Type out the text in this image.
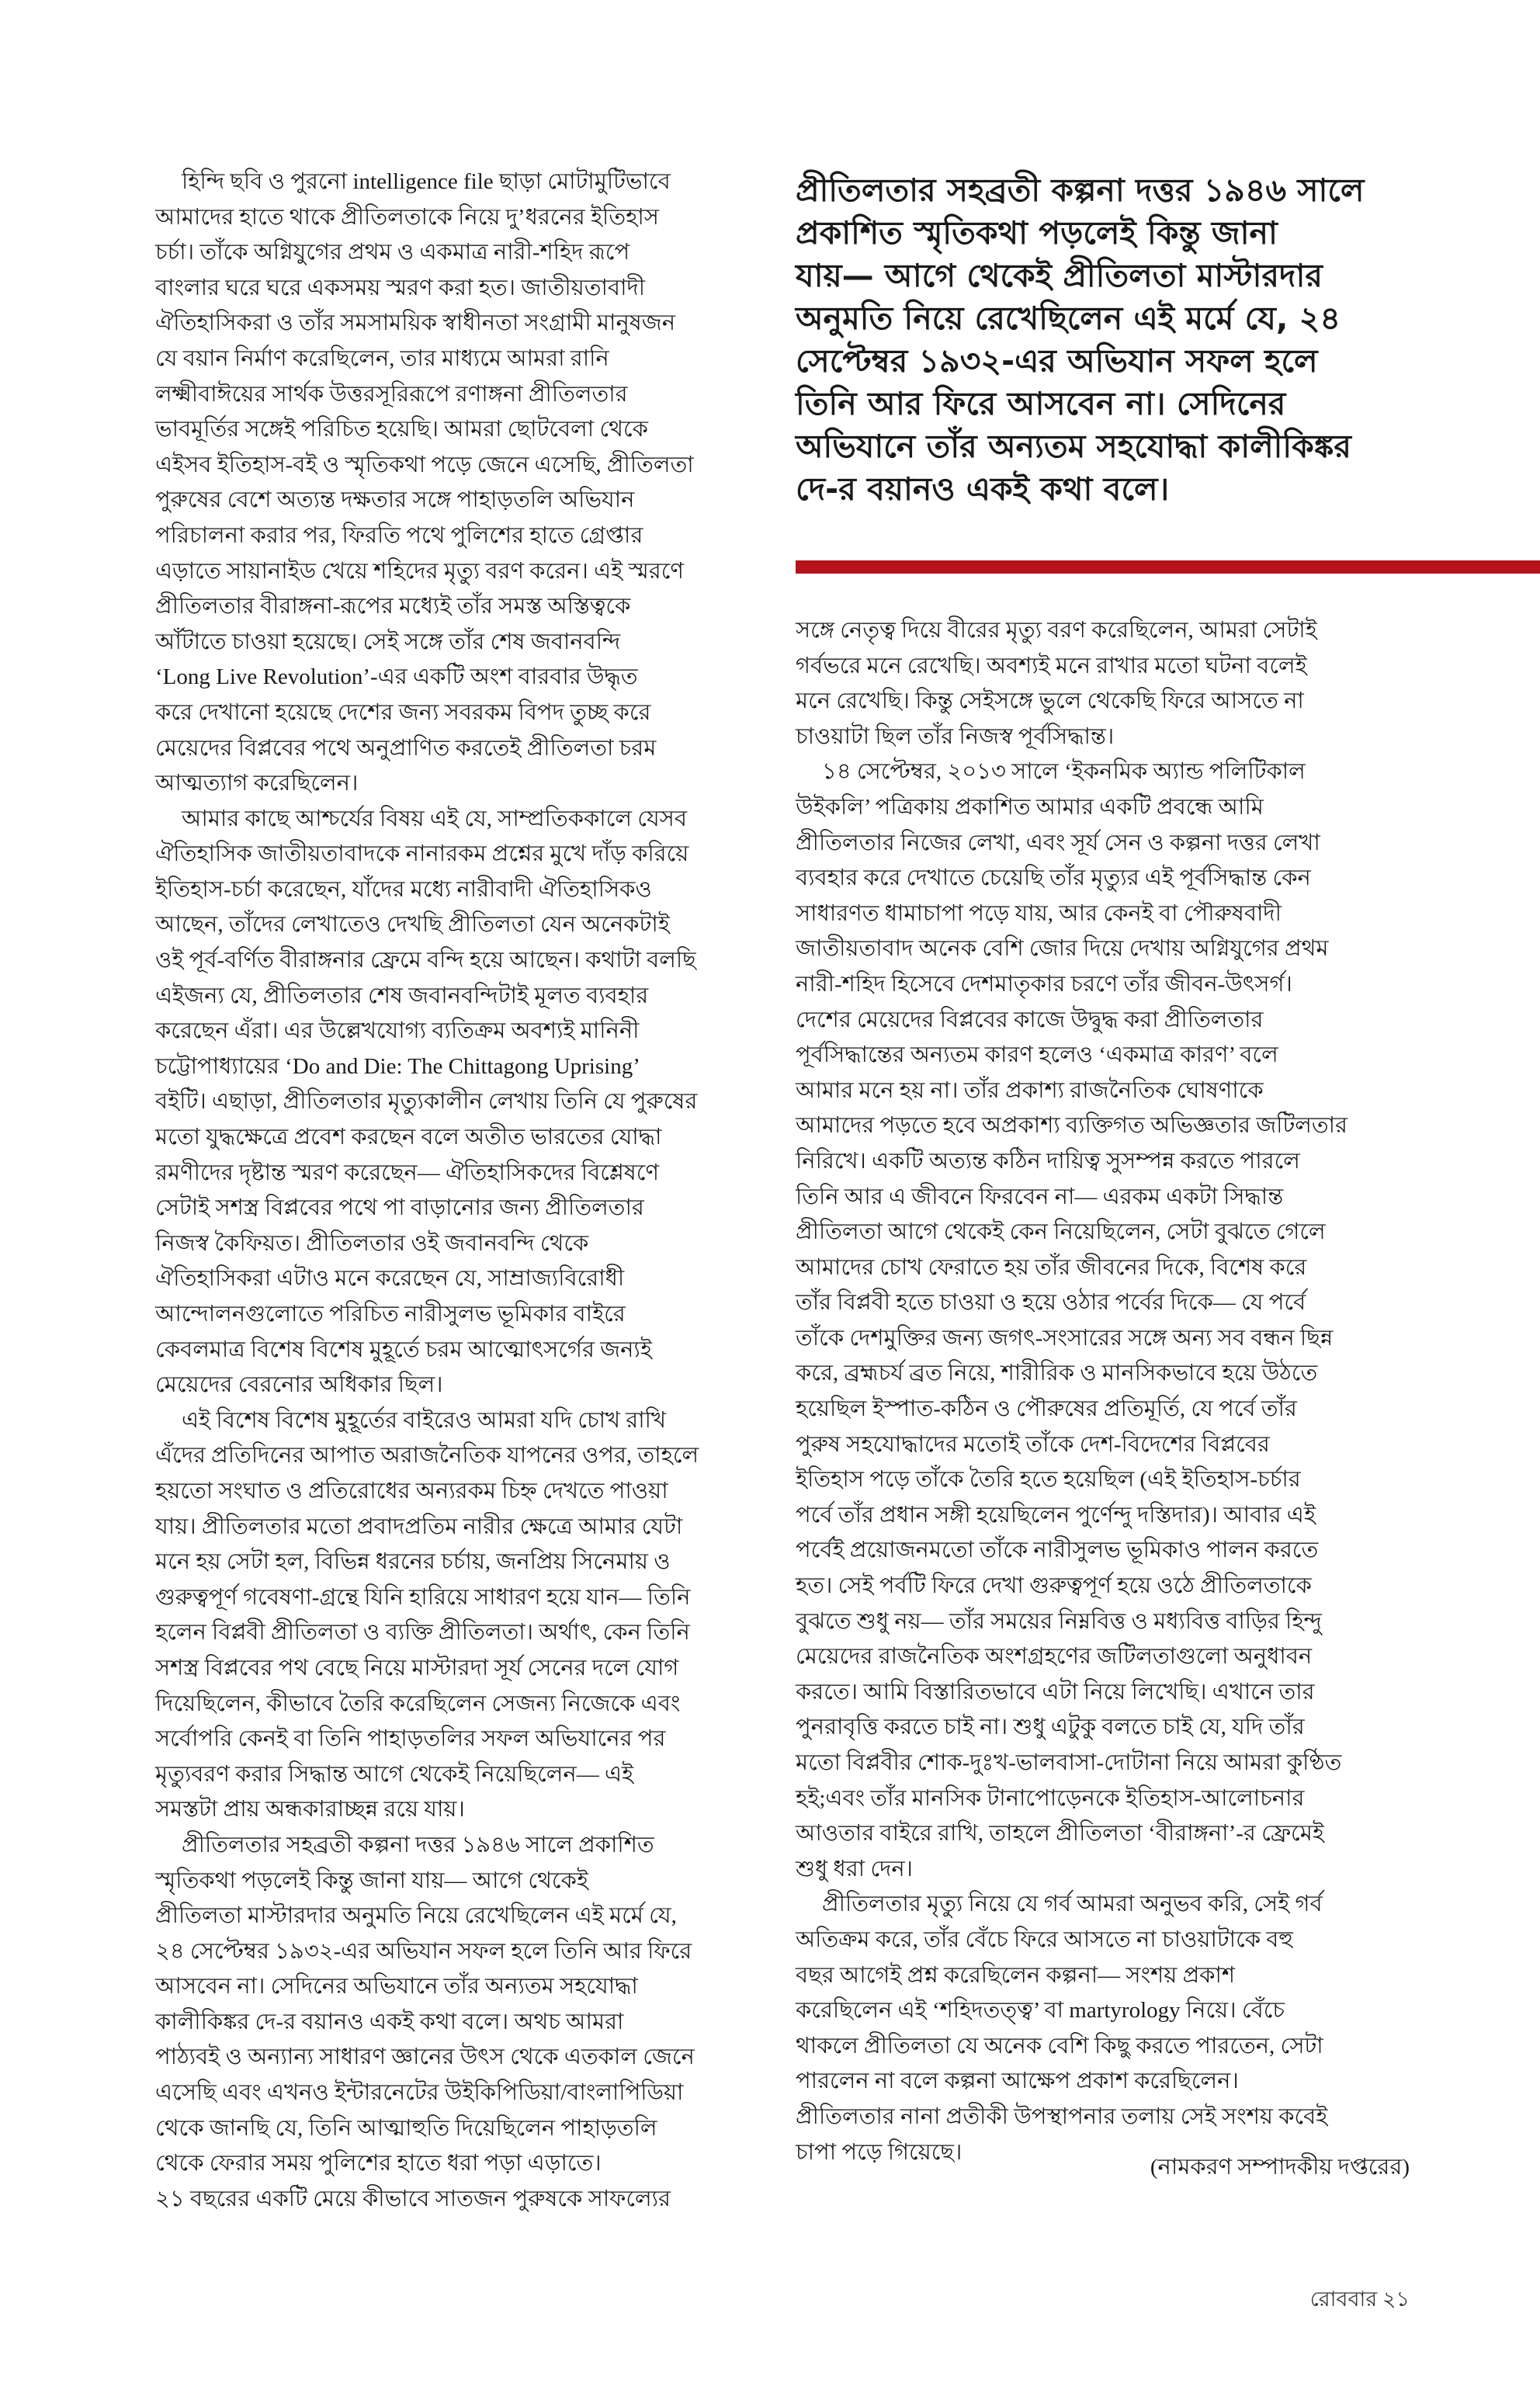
হিন্দি ছবি ও পুরনো intelligence file ছাড়া মোটামুটিভাবে
আমাদের হাতে থাকে প্রীতিলতাকে নিয়ে দু’ধরনের ইতিহাস
চর্চা। তাঁকে অগ্নিযুগের প্রথম ও একমাত্র নারী-শহিদ রূপে
বাংলার ঘরে ঘরে একসময় স্মরণ করা হত। জাতীয়তাবাদী
ঐতিহাসিকরা ও তাঁর সমসাময়িক স্বাধীনতা সংগ্রামী মানুষজন
যে বয়ান নির্মাণ করেছিলেন, তার মাধ্যমে আমরা রানি
লক্ষ্মীবাঈয়ের সার্থক উত্তরসূরিরূপে রণাঙ্গনা প্রীতিলতার
ভাবমূর্তির সঙ্গেই পরিচিত হয়েছি। আমরা ছোটবেলা থেকে
এইসব ইতিহাস-বই ও স্মৃতিকথা পড়ে জেনে এসেছি, প্রীতিলতা
পুরুষের বেশে অত্যন্ত দক্ষতার সঙ্গে পাহাড়তলি অভিযান
পরিচালনা করার পর, ফিরতি পথে পুলিশের হাতে গ্রেপ্তার
এড়াতে সায়ানাইড খেয়ে শহিদের মৃত্যু বরণ করেন। এই স্মরণে
প্রীতিলতার বীরাঙ্গনা-রূপের মধ্যেই তাঁর সমস্ত অস্তিত্বকে
আঁটাতে চাওয়া হয়েছে। সেই সঙ্গে তাঁর শেষ জবানবন্দি
‘Long Live Revolution’-এর একটি অংশ বারবার উদ্ধৃত
করে দেখানো হয়েছে দেশের জন্য সবরকম বিপদ তুচ্ছ করে
মেয়েদের বিপ্লবের পথে অনুপ্রাণিত করতেই প্রীতিলতা চরম
আত্মত্যাগ করেছিলেন।
আমার কাছে আশ্চর্যের বিষয় এই যে, সাম্প্রতিককালে যেসব
ঐতিহাসিক জাতীয়তাবাদকে নানারকম প্রশ্নের মুখে দাঁড় করিয়ে
ইতিহাস-চর্চা করেছেন, যাঁদের মধ্যে নারীবাদী ঐতিহাসিকও
আছেন, তাঁদের লেখাতেও দেখছি প্রীতিলতা যেন অনেকটাই
ওই পূর্ব-বর্ণিত বীরাঙ্গনার ফ্রেমে বন্দি হয়ে আছেন। কথাটা বলছি
এইজন্য যে, প্রীতিলতার শেষ জবানবন্দিটাই মূলত ব্যবহার
করেছেন এঁরা। এর উল্লেখযোগ্য ব্যতিক্রম অবশ্যই মানিনী
চট্টোপাধ্যায়ের ‘Do and Die: The Chittagong Uprising’
বইটি। এছাড়া, প্রীতিলতার মৃত্যুকালীন লেখায় তিনি যে পুরুষের
মতো যুদ্ধক্ষেত্রে প্রবেশ করছেন বলে অতীত ভারতের যোদ্ধা
রমণীদের দৃষ্টান্ত স্মরণ করেছেন— ঐতিহাসিকদের বিশ্লেষণে
সেটাই সশস্ত্র বিপ্লবের পথে পা বাড়ানোর জন্য প্রীতিলতার
নিজস্ব কৈফিয়ত। প্রীতিলতার ওই জবানবন্দি থেকে
ঐতিহাসিকরা এটাও মনে করেছেন যে, সাম্রাজ্যবিরোধী
আন্দোলনগুলোতে পরিচিত নারীসুলভ ভূমিকার বাইরে
কেবলমাত্র বিশেষ বিশেষ মুহূর্তে চরম আত্মোৎসর্গের জন্যই
মেয়েদের বেরনোর অধিকার ছিল।
এই বিশেষ বিশেষ মুহূর্তের বাইরেও আমরা যদি চোখ রাখি
এঁদের প্রতিদিনের আপাত অরাজনৈতিক যাপনের ওপর, তাহলে
হয়তো সংঘাত ও প্রতিরোধের অন্যরকম চিহ্ন দেখতে পাওয়া
যায়। প্রীতিলতার মতো প্রবাদপ্রতিম নারীর ক্ষেত্রে আমার যেটা
মনে হয় সেটা হল, বিভিন্ন ধরনের চর্চায়, জনপ্রিয় সিনেমায় ও
গুরুত্বপূর্ণ গবেষণা-গ্রন্থে যিনি হারিয়ে সাধারণ হয়ে যান— তিনি
হলেন বিপ্লবী প্রীতিলতা ও ব্যক্তি প্রীতিলতা। অর্থাৎ, কেন তিনি
সশস্ত্র বিপ্লবের পথ বেছে নিয়ে মাস্টারদা সূর্য সেনের দলে যোগ
দিয়েছিলেন, কীভাবে তৈরি করেছিলেন সেজন্য নিজেকে এবং
সর্বোপরি কেনই বা তিনি পাহাড়তলির সফল অভিযানের পর
মৃত্যুবরণ করার সিদ্ধান্ত আগে থেকেই নিয়েছিলেন— এই
সমস্তটা প্রায় অন্ধকারাচ্ছন্ন রয়ে যায়।
প্রীতিলতার সহব্রতী কল্পনা দত্তর ১৯৪৬ সালে প্রকাশিত
স্মৃতিকথা পড়লেই কিন্তু জানা যায়— আগে থেকেই
প্রীতিলতা মাস্টারদার অনুমতি নিয়ে রেখেছিলেন এই মর্মে যে,
২৪ সেপ্টেম্বর ১৯৩২-এর অভিযান সফল হলে তিনি আর ফিরে
আসবেন না। সেদিনের অভিযানে তাঁর অন্যতম সহযোদ্ধা
কালীকিঙ্কর দে-র বয়ানও একই কথা বলে। অথচ আমরা
পাঠ্যবই ও অন্যান্য সাধারণ জ্ঞানের উৎস থেকে এতকাল জেনে
এসেছি এবং এখনও ইন্টারনেটের উইকিপিডিয়া/বাংলাপিডিয়া
থেকে জানছি যে, তিনি আত্মাহুতি দিয়েছিলেন পাহাড়তলি
থেকে ফেরার সময় পুলিশের হাতে ধরা পড়া এড়াতে।
২১ বছরের একটি মেয়ে কীভাবে সাতজন পুরুষকে সাফল্যের
প্রীতিলতার সহব্রতী কল্পনা দত্তর ১৯৪৬ সালে
প্রকাশিত স্মৃতিকথা পড়লেই কিন্তু জানা
যায়— আগে থেকেই প্রীতিলতা মাস্টারদার
অনুমতি নিয়ে রেখেছিলেন এই মর্মে যে, ২৪
সেপ্টেম্বর ১৯৩২-এর অভিযান সফল হলে
তিনি আর ফিরে আসবেন না। সেদিনের
অভিযানে তাঁর অন্যতম সহযোদ্ধা কালীকিঙ্কর
দে-র বয়ানও একই কথা বলে।
সঙ্গে নেতৃত্ব দিয়ে বীরের মৃত্যু বরণ করেছিলেন, আমরা সেটাই
গর্বভরে মনে রেখেছি। অবশ্যই মনে রাখার মতো ঘটনা বলেই
মনে রেখেছি। কিন্তু সেইসঙ্গে ভুলে থেকেছি ফিরে আসতে না
চাওয়াটা ছিল তাঁর নিজস্ব পূর্বসিদ্ধান্ত।
১৪ সেপ্টেম্বর, ২০১৩ সালে ‘ইকনমিক অ্যান্ড পলিটিকাল
উইকলি’ পত্রিকায় প্রকাশিত আমার একটি প্রবন্ধে আমি
প্রীতিলতার নিজের লেখা, এবং সূর্য সেন ও কল্পনা দত্তর লেখা
ব্যবহার করে দেখাতে চেয়েছি তাঁর মৃত্যুর এই পূর্বসিদ্ধান্ত কেন
সাধারণত ধামাচাপা পড়ে যায়, আর কেনই বা পৌরুষবাদী
জাতীয়তাবাদ অনেক বেশি জোর দিয়ে দেখায় অগ্নিযুগের প্রথম
নারী-শহিদ হিসেবে দেশমাতৃকার চরণে তাঁর জীবন-উৎসর্গ।
দেশের মেয়েদের বিপ্লবের কাজে উদ্বুদ্ধ করা প্রীতিলতার
পূর্বসিদ্ধান্তের অন্যতম কারণ হলেও ‘একমাত্র কারণ’ বলে
আমার মনে হয় না। তাঁর প্রকাশ্য রাজনৈতিক ঘোষণাকে
আমাদের পড়তে হবে অপ্রকাশ্য ব্যক্তিগত অভিজ্ঞতার জটিলতার
নিরিখে। একটি অত্যন্ত কঠিন দায়িত্ব সুসম্পন্ন করতে পারলে
তিনি আর এ জীবনে ফিরবেন না— এরকম একটা সিদ্ধান্ত
প্রীতিলতা আগে থেকেই কেন নিয়েছিলেন, সেটা বুঝতে গেলে
আমাদের চোখ ফেরাতে হয় তাঁর জীবনের দিকে, বিশেষ করে
তাঁর বিপ্লবী হতে চাওয়া ও হয়ে ওঠার পর্বের দিকে— যে পর্বে
তাঁকে দেশমুক্তির জন্য জগৎ-সংসারের সঙ্গে অন্য সব বন্ধন ছিন্ন
করে, ব্রহ্মচর্য ব্রত নিয়ে, শারীরিক ও মানসিকভাবে হয়ে উঠতে
হয়েছিল ইস্পাত-কঠিন ও পৌরুষের প্রতিমূর্তি, যে পর্বে তাঁর
পুরুষ সহযোদ্ধাদের মতোই তাঁকে দেশ-বিদেশের বিপ্লবের
ইতিহাস পড়ে তাঁকে তৈরি হতে হয়েছিল (এই ইতিহাস-চর্চার
পর্বে তাঁর প্রধান সঙ্গী হয়েছিলেন পুর্ণেন্দু দস্তিদার)। আবার এই
পর্বেই প্রয়োজনমতো তাঁকে নারীসুলভ ভূমিকাও পালন করতে
হত। সেই পর্বটি ফিরে দেখা গুরুত্বপূর্ণ হয়ে ওঠে প্রীতিলতাকে
বুঝতে শুধু নয়— তাঁর সময়ের নিম্নবিত্ত ও মধ্যবিত্ত বাড়ির হিন্দু
মেয়েদের রাজনৈতিক অংশগ্রহণের জটিলতাগুলো অনুধাবন
করতে। আমি বিস্তারিতভাবে এটা নিয়ে লিখেছি। এখানে তার
পুনরাবৃত্তি করতে চাই না। শুধু এটুকু বলতে চাই যে, যদি তাঁর
মতো বিপ্লবীর শোক-দুঃখ-ভালবাসা-দোটানা নিয়ে আমরা কুণ্ঠিত
হই;এবং তাঁর মানসিক টানাপোড়েনকে ইতিহাস-আলোচনার
আওতার বাইরে রাখি, তাহলে প্রীতিলতা ‘বীরাঙ্গনা’-র ফ্রেমেই
শুধু ধরা দেন।
প্রীতিলতার মৃত্যু নিয়ে যে গর্ব আমরা অনুভব করি, সেই গর্ব
অতিক্রম করে, তাঁর বেঁচে ফিরে আসতে না চাওয়াটাকে বহু
বছর আগেই প্রশ্ন করেছিলেন কল্পনা— সংশয় প্রকাশ
করেছিলেন এই ‘শহিদতত্ত্ব’ বা martyrology নিয়ে। বেঁচে
থাকলে প্রীতিলতা যে অনেক বেশি কিছু করতে পারতেন, সেটা
পারলেন না বলে কল্পনা আক্ষেপ প্রকাশ করেছিলেন।
প্রীতিলতার নানা প্রতীকী উপস্থাপনার তলায় সেই সংশয় কবেই
চাপা পড়ে গিয়েছে।
(নামকরণ সম্পাদকীয় দপ্তরের)
রোববার ২১
